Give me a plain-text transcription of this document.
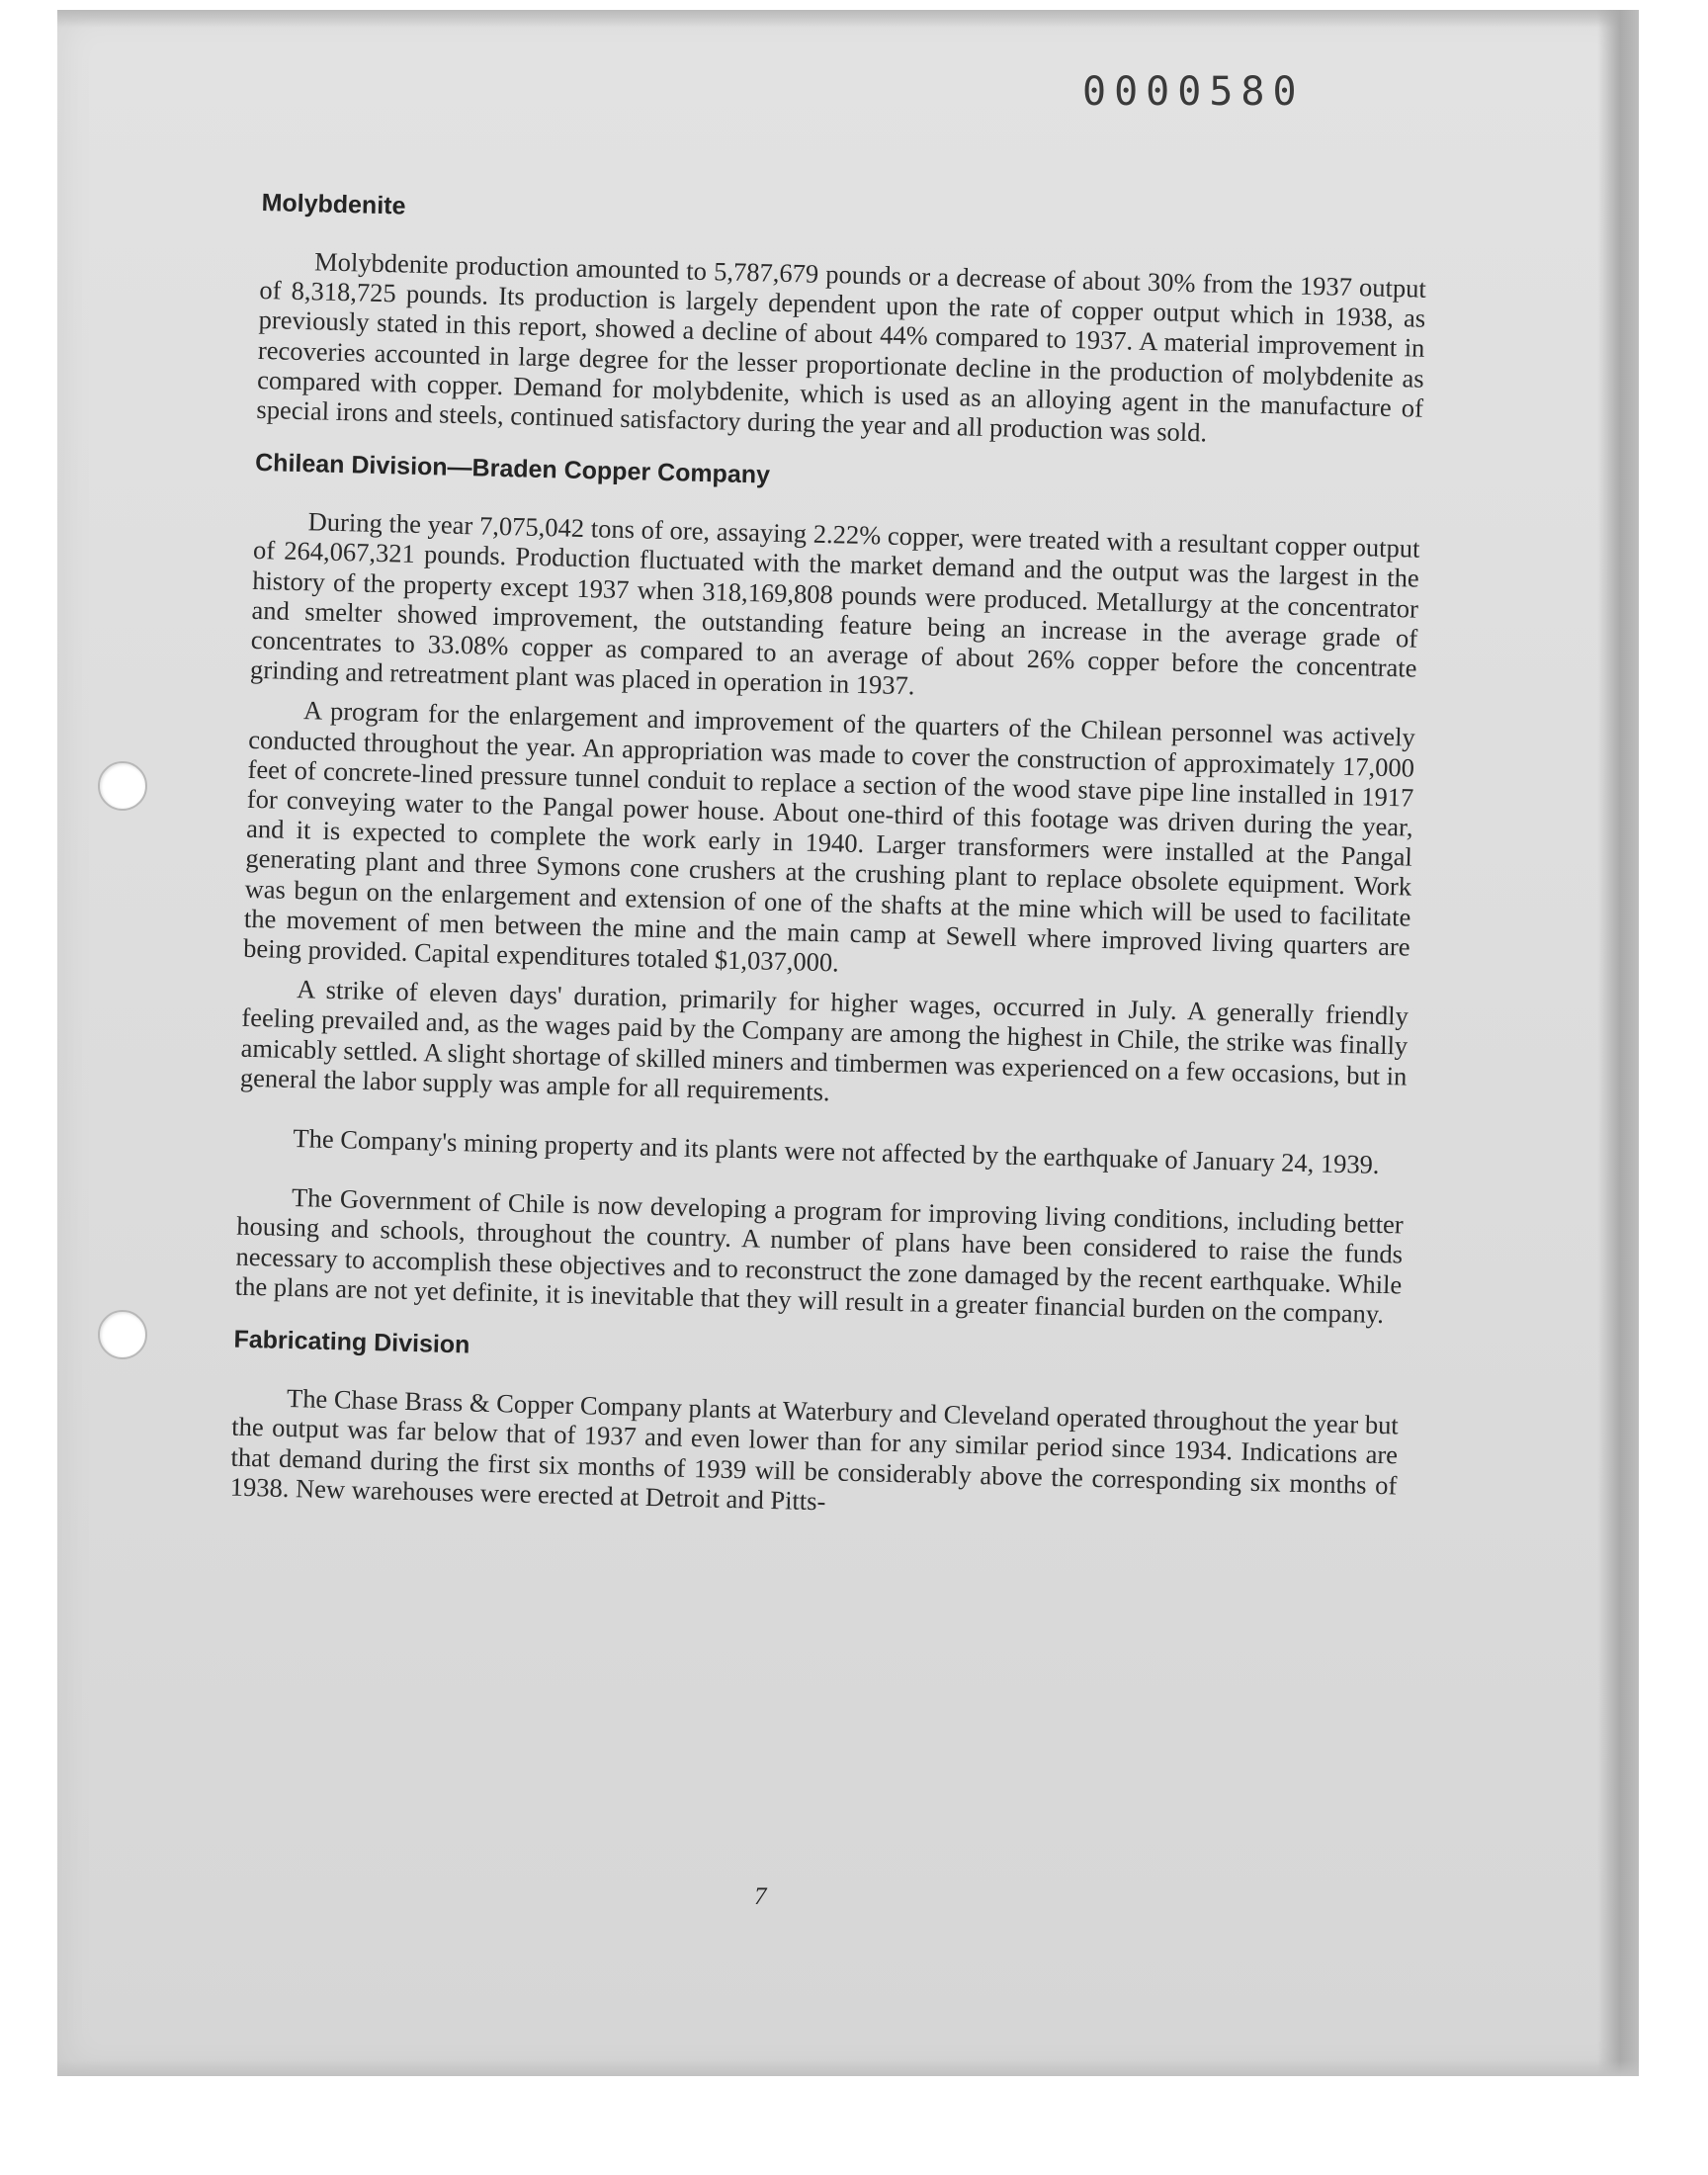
0000580
Molybdenite

Molybdenite production amounted to 5,787,679 pounds or a decrease of about 30% from the 1937 output of 8,318,725 pounds. Its production is largely dependent upon the rate of copper output which in 1938, as previously stated in this report, showed a decline of about 44% compared to 1937. A material improvement in recoveries accounted in large degree for the lesser proportionate decline in the production of molybdenite as compared with copper. Demand for molybdenite, which is used as an alloying agent in the manufacture of special irons and steels, continued satisfactory during the year and all production was sold.

Chilean Division—Braden Copper Company

During the year 7,075,042 tons of ore, assaying 2.22% copper, were treated with a resultant copper output of 264,067,321 pounds. Production fluctuated with the market demand and the output was the largest in the history of the property except 1937 when 318,169,808 pounds were produced. Metallurgy at the concentrator and smelter showed improvement, the outstanding feature being an increase in the average grade of concentrates to 33.08% copper as compared to an average of about 26% copper before the concentrate grinding and retreatment plant was placed in operation in 1937.

A program for the enlargement and improvement of the quarters of the Chilean personnel was actively conducted throughout the year. An appropriation was made to cover the construction of approximately 17,000 feet of concrete-lined pressure tunnel conduit to replace a section of the wood stave pipe line installed in 1917 for conveying water to the Pangal power house. About one-third of this footage was driven during the year, and it is expected to complete the work early in 1940. Larger transformers were installed at the Pangal generating plant and three Symons cone crushers at the crushing plant to replace obsolete equipment. Work was begun on the enlargement and extension of one of the shafts at the mine which will be used to facilitate the movement of men between the mine and the main camp at Sewell where improved living quarters are being provided. Capital expenditures totaled $1,037,000.

A strike of eleven days' duration, primarily for higher wages, occurred in July. A generally friendly feeling prevailed and, as the wages paid by the Company are among the highest in Chile, the strike was finally amicably settled. A slight shortage of skilled miners and timbermen was experienced on a few occasions, but in general the labor supply was ample for all requirements.

The Company's mining property and its plants were not affected by the earthquake of January 24, 1939.

The Government of Chile is now developing a program for improving living conditions, including better housing and schools, throughout the country. A number of plans have been considered to raise the funds necessary to accomplish these objectives and to reconstruct the zone damaged by the recent earthquake. While the plans are not yet definite, it is inevitable that they will result in a greater financial burden on the company.

Fabricating Division

The Chase Brass & Copper Company plants at Waterbury and Cleveland operated throughout the year but the output was far below that of 1937 and even lower than for any similar period since 1934. Indications are that demand during the first six months of 1939 will be considerably above the corresponding six months of 1938. New warehouses were erected at Detroit and Pitts-

7
